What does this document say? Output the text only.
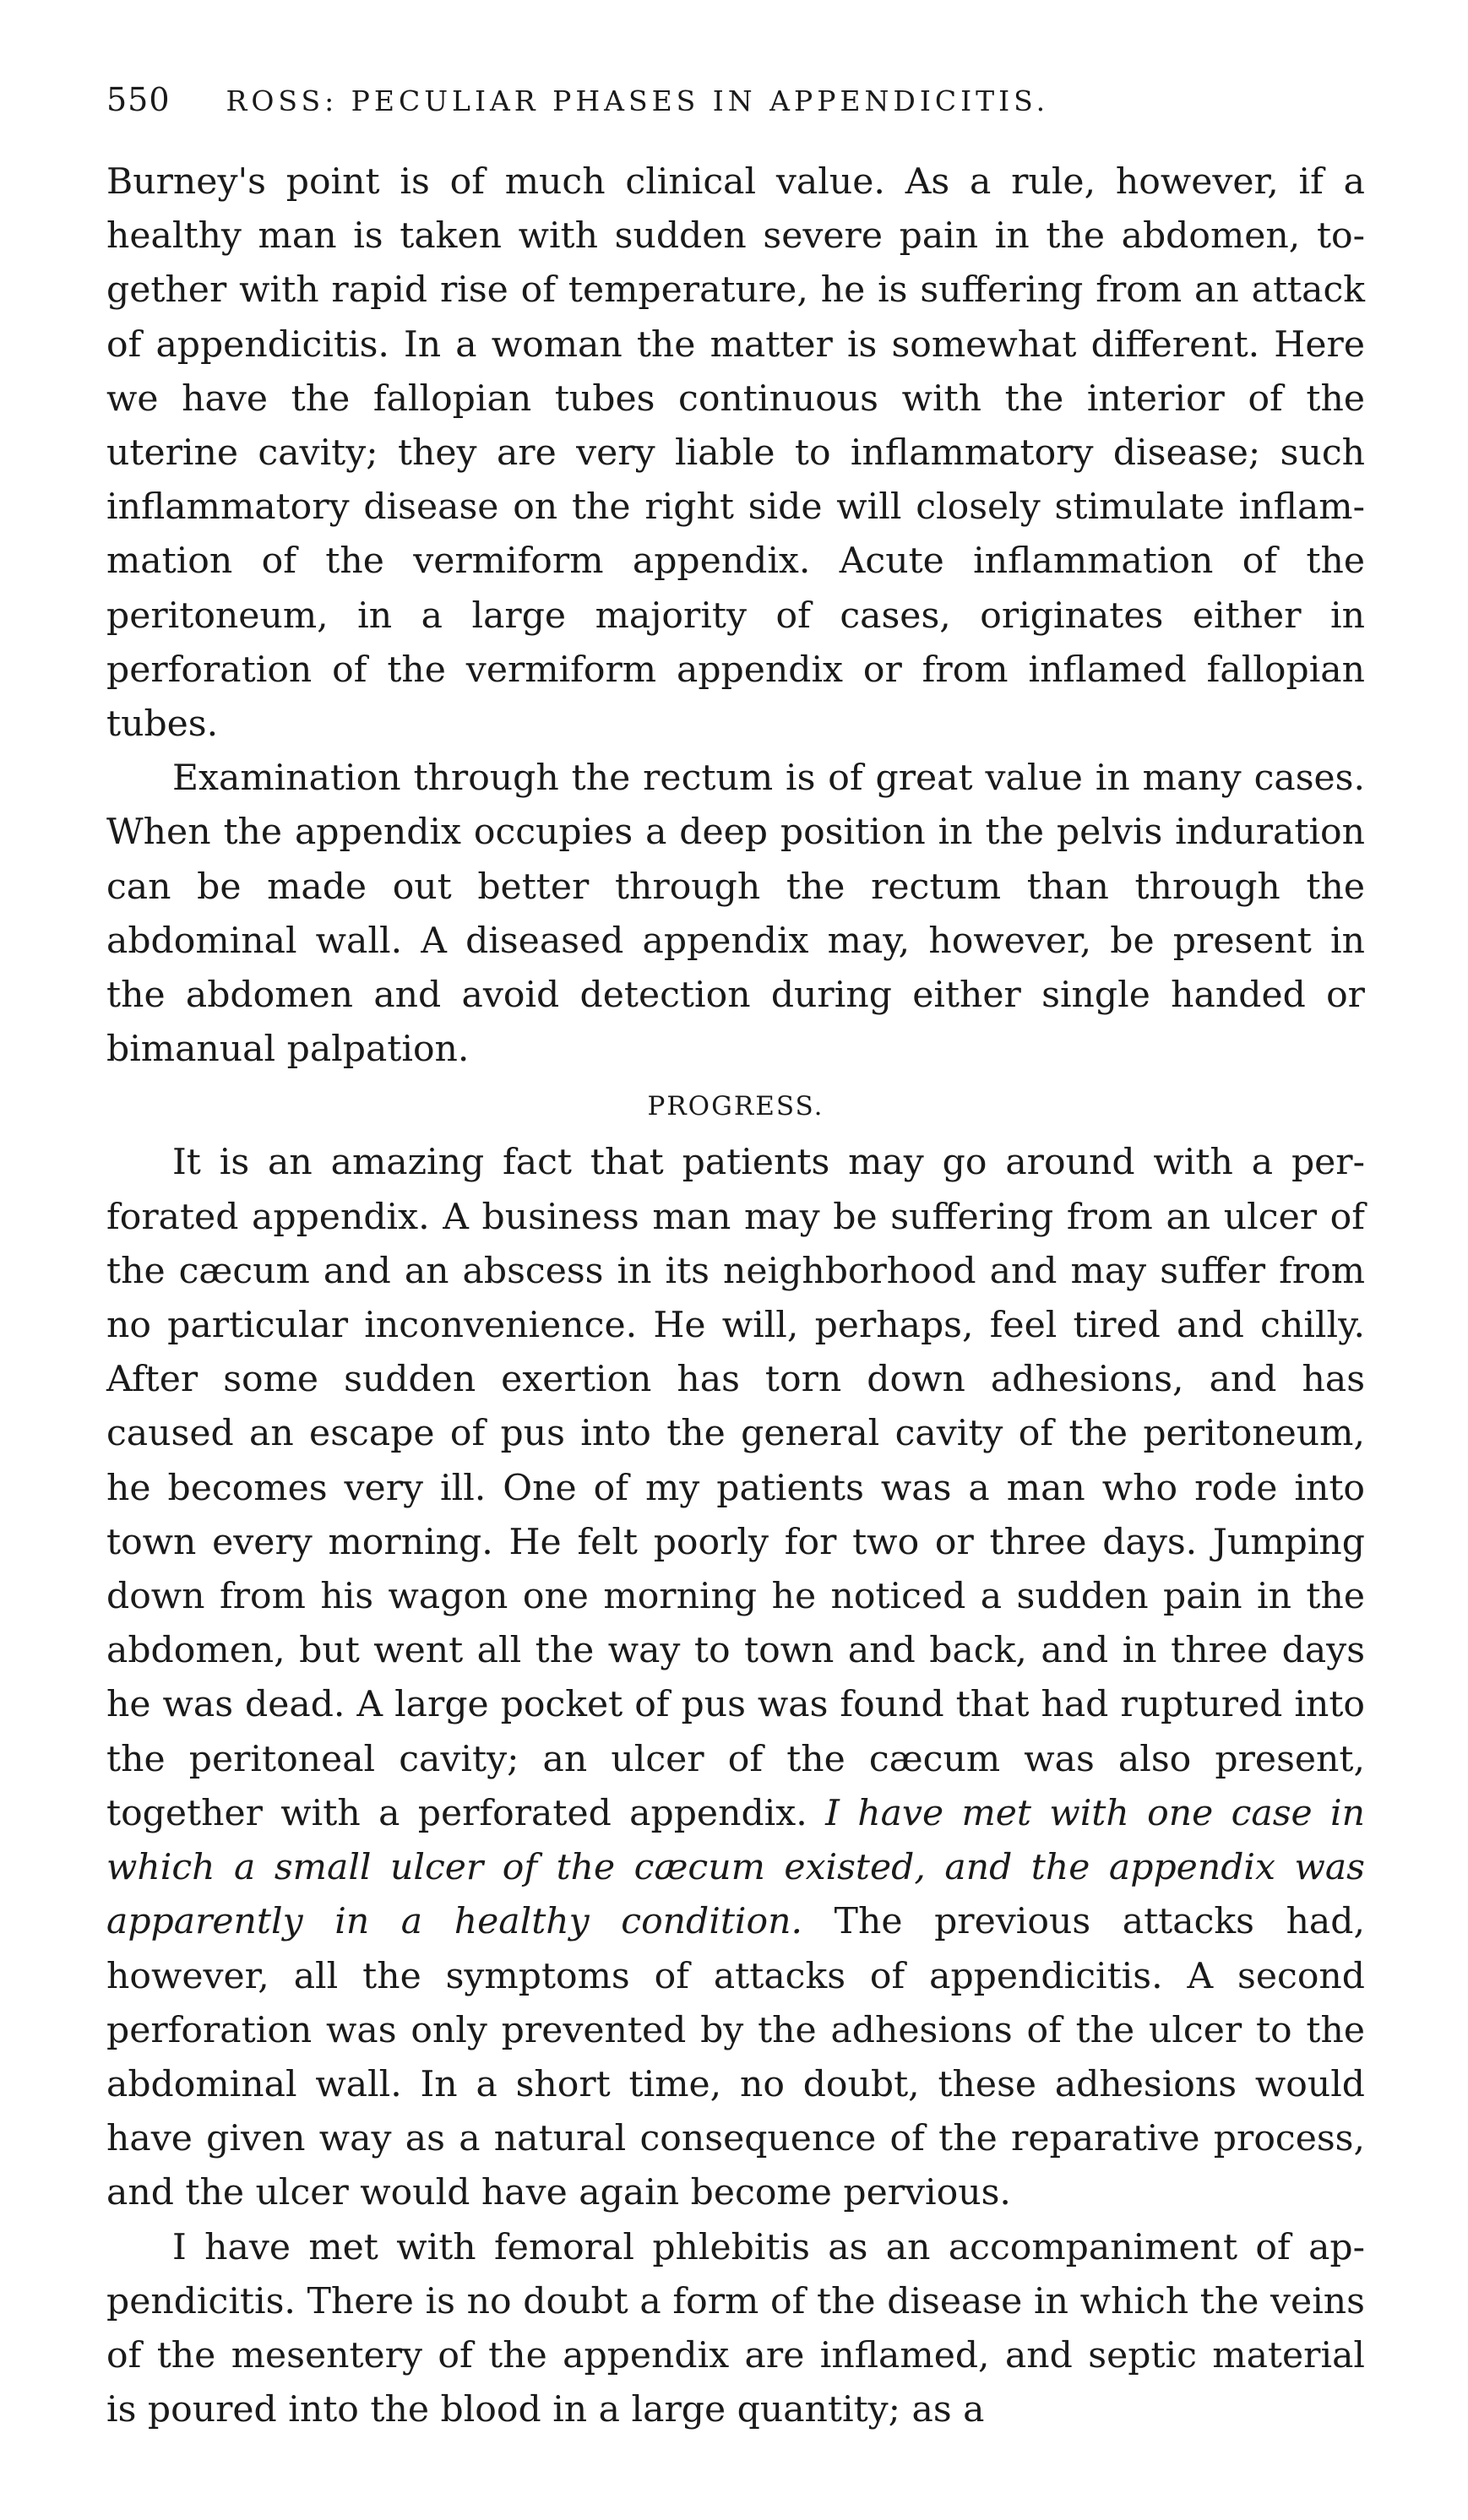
550 ROSS: PECULIAR PHASES IN APPENDICITIS.

Burney's point is of much clinical value. As a rule, however, if a healthy man is taken with sudden severe pain in the abdomen, together with rapid rise of temperature, he is suffering from an attack of appendicitis. In a woman the matter is somewhat different. Here we have the fallopian tubes continuous with the interior of the uterine cavity; they are very liable to inflammatory disease; such inflammatory disease on the right side will closely stimulate inflammation of the vermiform appendix. Acute inflammation of the peritoneum, in a large majority of cases, originates either in perforation of the vermiform appendix or from inflamed fallopian tubes.

Examination through the rectum is of great value in many cases. When the appendix occupies a deep position in the pelvis induration can be made out better through the rectum than through the abdominal wall. A diseased appendix may, however, be present in the abdomen and avoid detection during either single handed or bimanual palpation.

PROGRESS.

It is an amazing fact that patients may go around with a perforated appendix. A business man may be suffering from an ulcer of the cæcum and an abscess in its neighborhood and may suffer from no particular inconvenience. He will, perhaps, feel tired and chilly. After some sudden exertion has torn down adhesions, and has caused an escape of pus into the general cavity of the peritoneum, he becomes very ill. One of my patients was a man who rode into town every morning. He felt poorly for two or three days. Jumping down from his wagon one morning he noticed a sudden pain in the abdomen, but went all the way to town and back, and in three days he was dead. A large pocket of pus was found that had ruptured into the peritoneal cavity; an ulcer of the cæcum was also present, together with a perforated appendix. I have met with one case in which a small ulcer of the cæcum existed, and the appendix was apparently in a healthy condition. The previous attacks had, however, all the symptoms of attacks of appendicitis. A second perforation was only prevented by the adhesions of the ulcer to the abdominal wall. In a short time, no doubt, these adhesions would have given way as a natural consequence of the reparative process, and the ulcer would have again become pervious.

I have met with femoral phlebitis as an accompaniment of appendicitis. There is no doubt a form of the disease in which the veins of the mesentery of the appendix are inflamed, and septic material is poured into the blood in a large quantity; as a
